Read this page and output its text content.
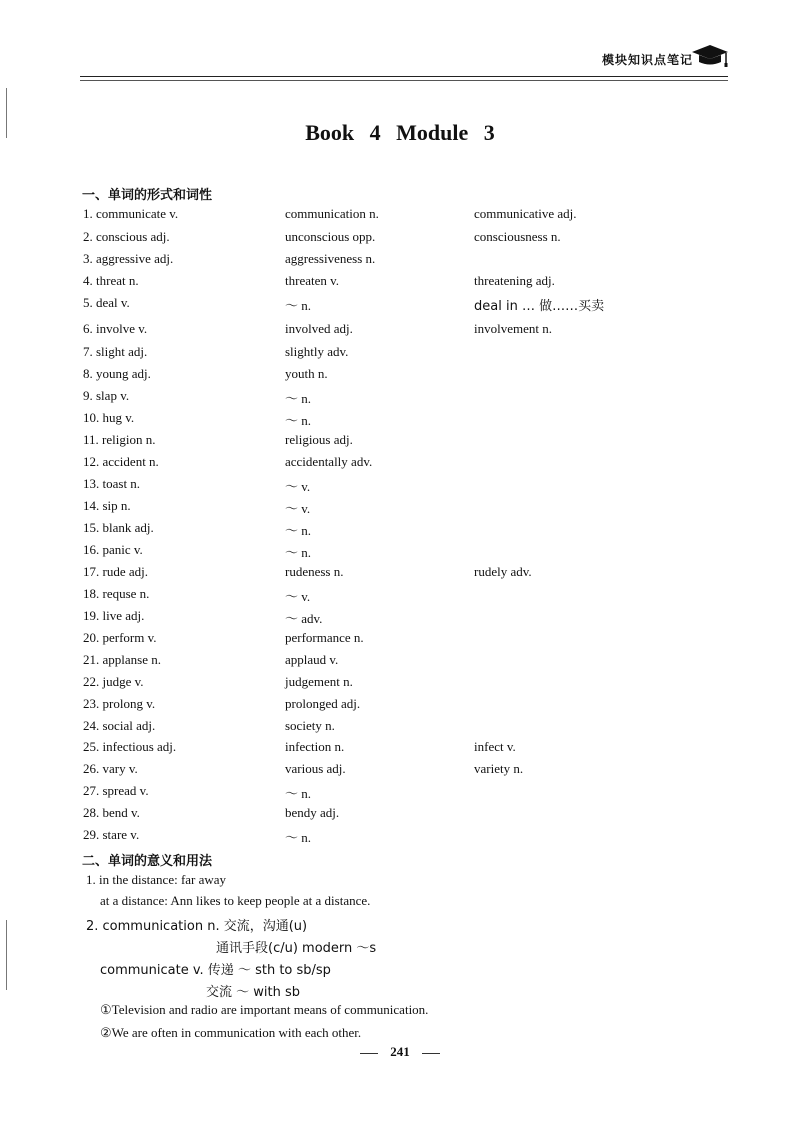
模块知识点笔记
Book 4 Module 3
一、单词的形式和词性
1. communicate v.	communication n.	communicative adj.
2. conscious adj.	unconscious opp.	consciousness n.
3. aggressive adj.	aggressiveness n.
4. threat n.	threaten v.	threatening adj.
5. deal v.	～ n.	deal in … 做……买卖
6. involve v.	involved adj.	involvement n.
7. slight adj.	slightly adv.
8. young adj.	youth n.
9. slap v.	～ n.
10. hug v.	～ n.
11. religion n.	religious adj.
12. accident n.	accidentally adv.
13. toast n.	～ v.
14. sip n.	～ v.
15. blank adj.	～ n.
16. panic v.	～ n.
17. rude adj.	rudeness n.	rudely adv.
18. requse n.	～ v.
19. live adj.	～ adv.
20. perform v.	performance n.
21. applanse n.	applaud v.
22. judge v.	judgement n.
23. prolong v.	prolonged adj.
24. social adj.	society n.
25. infectious adj.	infection n.	infect v.
26. vary v.	various adj.	variety n.
27. spread v.	～ n.
28. bend v.	bendy adj.
29. stare v.	～ n.
二、单词的意义和用法
1. in the distance: far away
at a distance: Ann likes to keep people at a distance.
2. communication n. 交流，沟通(u)
通讯手段(c/u) modern ～s
communicate v. 传递 ～ sth to sb/sp
交流 ～ with sb
①Television and radio are important means of communication.
②We are often in communication with each other.
241
